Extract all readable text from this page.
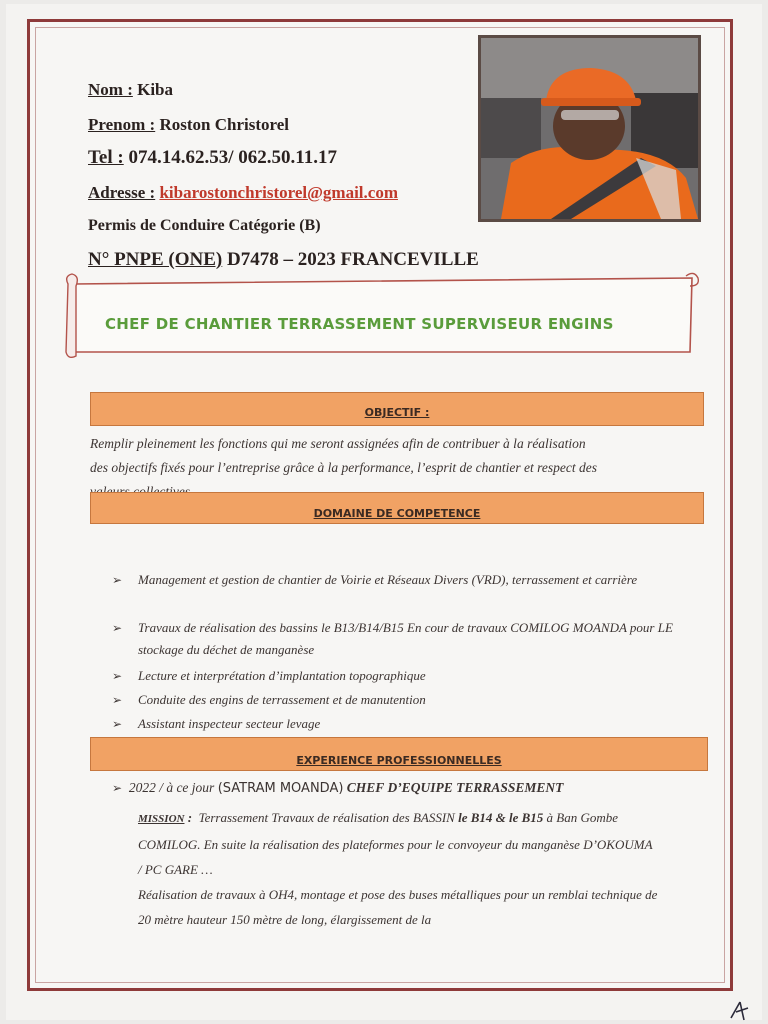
Nom : Kiba
Prenom : Roston Christorel
Tel : 074.14.62.53/ 062.50.11.17
Adresse : kibarostonchristorel@gmail.com
Permis de Conduire Catégorie (B)
N° PNPE (ONE) D7478 – 2023 FRANCEVILLE
CHEF DE CHANTIER TERRASSEMENT SUPERVISEUR ENGINS
OBJECTIF :
Remplir pleinement les fonctions qui me seront assignées afin de contribuer à la réalisation
des objectifs fixés pour l’entreprise grâce à la performance, l’esprit de chantier et respect des
DOMAINE DE COMPETENCE
➢	Management et gestion de chantier de Voirie et Réseaux Divers (VRD), terrassement et carrière
➢	Travaux de réalisation des bassins le B13/B14/B15 En cour de travaux COMILOG MOANDA pour LE stockage du déchet de manganèse
➢	Lecture et interprétation d’implantation topographique
➢	Conduite des engins de terrassement et de manutention
➢	Assistant inspecteur secteur levage
EXPERIENCE PROFESSIONNELLES
➢ 2022 / à ce jour (SATRAM MOANDA) CHEF D’EQUIPE TERRASSEMENT
MISSION : Terrassement Travaux de réalisation des BASSIN le B14 & le B15 à Ban Gombe COMILOG. En suite la réalisation des plateformes pour le convoyeur du manganèse D’OKOUMA / PC GARE …
Réalisation de travaux à OH4, montage et pose des buses métalliques pour un remblai technique de 20 mètre hauteur 150 mètre de long, élargissement de la
